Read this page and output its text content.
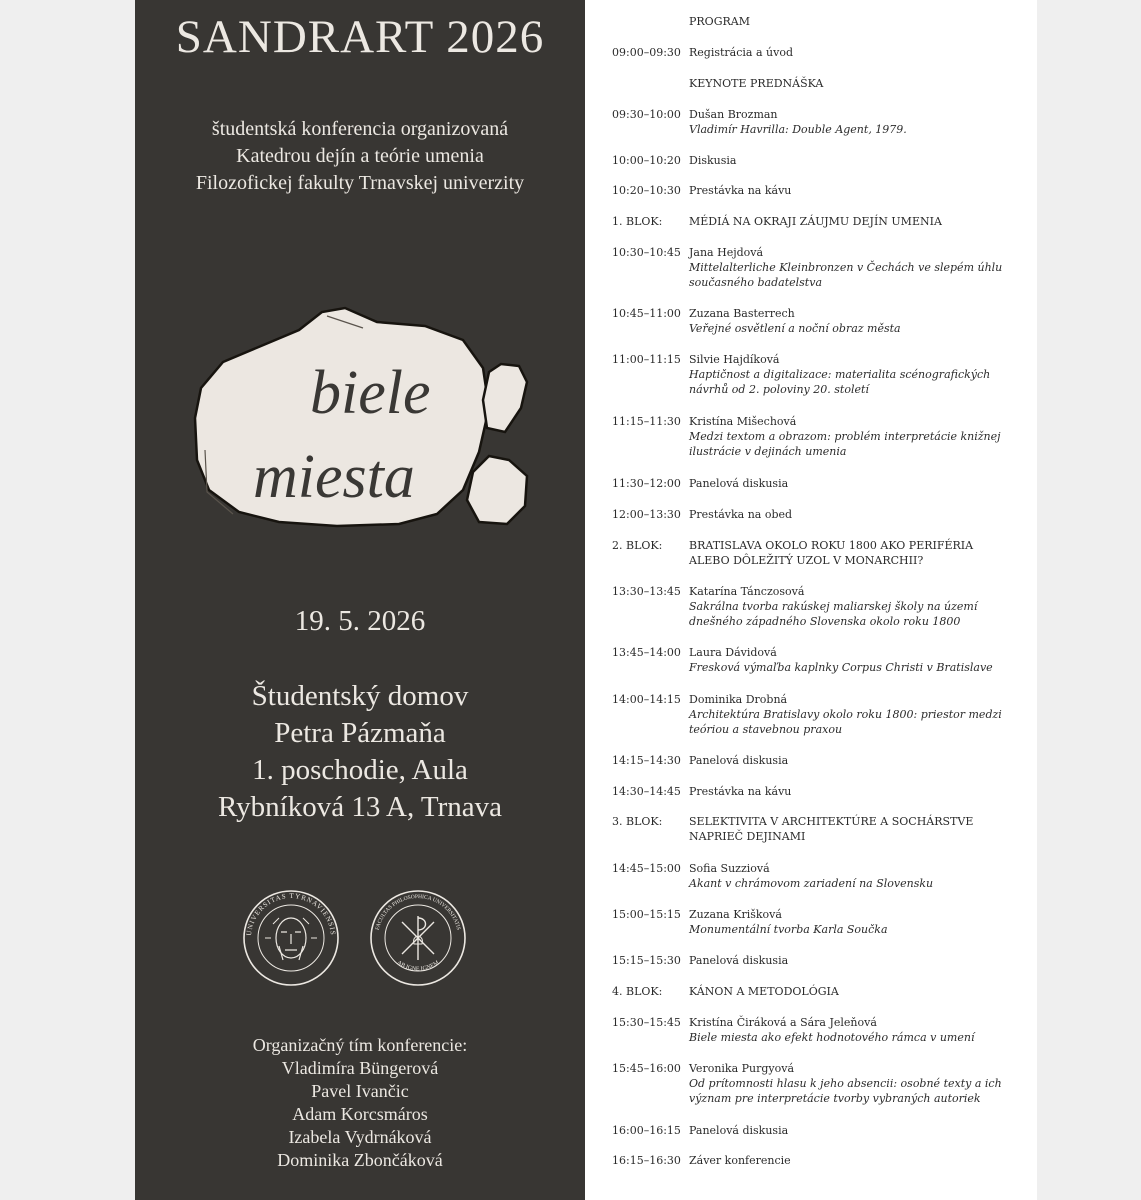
SANDRART 2026
študentská konferencia organizovaná
Katedrou dejín a teórie umenia
Filozofickej fakulty Trnavskej univerzity
biele
miesta
19. 5. 2026
Študentský domov
Petra Pázmaňa
1. poschodie, Aula
Rybníková 13 A, Trnava
UNIVERSITAS TYRNAVIENSIS
FACULTAS PHILOSOPHICA UNIVERSITATIS
AB IGNE IGNEM
Organizačný tím konferencie:
Vladimíra Büngerová
Pavel Ivančic
Adam Korcsmáros
Izabela Vydrnáková
Dominika Zbončáková
PROGRAM
09:00–09:30 Registrácia a úvod
KEYNOTE PREDNÁŠKA
09:30–10:00 Dušan Brozman
Vladimír Havrilla: Double Agent, 1979.
10:00–10:20 Diskusia
10:20–10:30 Prestávka na kávu
1. BLOK:	MÉDIÁ NA OKRAJI ZÁUJMU DEJÍN UMENIA
10:30–10:45 Jana Hejdová
Mittelalterliche Kleinbronzen v Čechách ve slepém úhlu současného badatelstva
10:45–11:00 Zuzana Basterrech
Veřejné osvětlení a noční obraz města
11:00–11:15 Silvie Hajdíková
Haptičnost a digitalizace: materialita scénografických návrhů od 2. poloviny 20. století
11:15–11:30 Kristína Mišechová
Medzi textom a obrazom: problém interpretácie knižnej ilustrácie v dejinách umenia
11:30–12:00 Panelová diskusia
12:00–13:30 Prestávka na obed
2. BLOK:	BRATISLAVA OKOLO ROKU 1800 AKO PERIFÉRIA ALEBO DÔLEŽITÝ UZOL V MONARCHII?
13:30–13:45 Katarína Tánczosová
Sakrálna tvorba rakúskej maliarskej školy na území dnešného západného Slovenska okolo roku 1800
13:45–14:00 Laura Dávidová
Fresková výmaľba kaplnky Corpus Christi v Bratislave
14:00–14:15 Dominika Drobná
Architektúra Bratislavy okolo roku 1800: priestor medzi teóriou a stavebnou praxou
14:15–14:30 Panelová diskusia
14:30–14:45 Prestávka na kávu
3. BLOK:	SELEKTIVITA V ARCHITEKTÚRE A SOCHÁRSTVE NAPRIEČ DEJINAMI
14:45–15:00 Sofia Suzziová
Akant v chrámovom zariadení na Slovensku
15:00–15:15 Zuzana Krišková
Monumentální tvorba Karla Součka
15:15–15:30 Panelová diskusia
4. BLOK:	KÁNON A METODOLÓGIA
15:30–15:45 Kristína Čiráková a Sára Jeleňová
Biele miesta ako efekt hodnotového rámca v umení
15:45–16:00 Veronika Purgyová
Od prítomnosti hlasu k jeho absencii: osobné texty a ich význam pre interpretácie tvorby vybraných autoriek
16:00–16:15 Panelová diskusia
16:15–16:30 Záver konferencie
